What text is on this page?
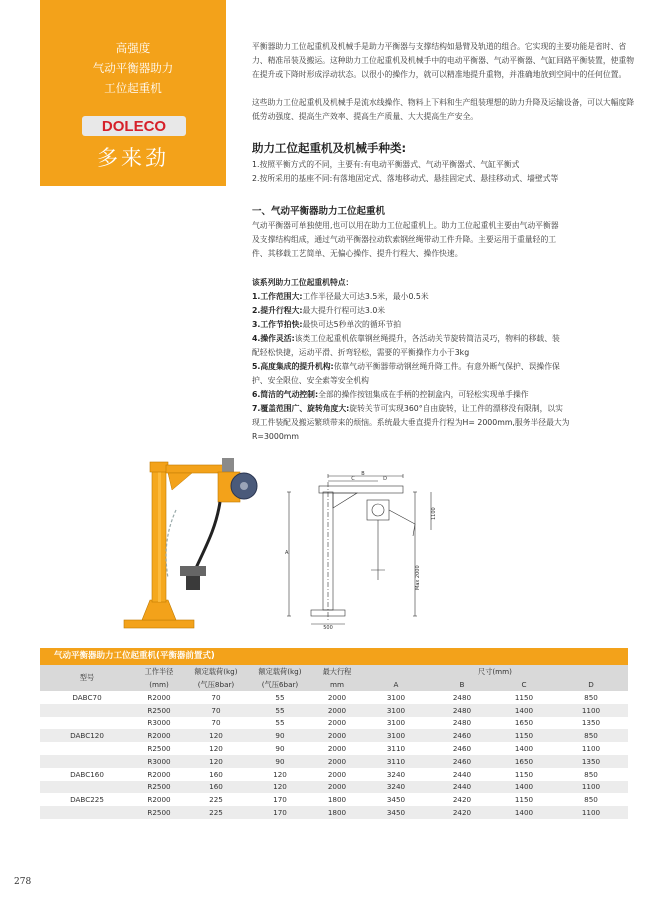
高强度
气动平衡器助力
工位起重机
DOLECO
多来劲

平衡器助力工位起重机及机械手是助力平衡器与支撑结构如悬臂及轨道的组合。它实现的主要功能是省时、省力、精准吊装及搬运。这种助力工位起重机及机械手中的电动平衡器、气动平衡器、气缸回路平衡装置，使重物在提升或下降时形成浮动状态。以很小的操作力，就可以精准地提升重物，并准确地放到空间中的任何位置。

这些助力工位起重机及机械手是流水线操作、物料上下料和生产组装理想的助力升降及运输设备，可以大幅度降低劳动强度、提高生产效率、提高生产质量、大大提高生产安全。

助力工位起重机及机械手种类:

1.按照平衡方式的不同，主要有:有电动平衡器式、气动平衡器式、气缸平衡式

2.按所采用的基座不同:有落地固定式、落地移动式、悬挂固定式、悬挂移动式、墙壁式等

一、气动平衡器助力工位起重机

气动平衡器可单独使用,也可以用在助力工位起重机上。助力工位起重机主要由气动平衡器

及支撑结构组成，通过气动平衡器拉动软索钢丝绳带动工件升降。主要运用于重量轻的工

件、其移载工艺简单、无偏心操作、提升行程大、操作快速。

该系列助力工位起重机特点：

1.工作范围大:工作半径最大可达3.5米，最小0.5米

2.提升行程大:最大提升行程可达3.0米

3.工作节拍快:最快可达5秒单次的循环节拍

4.操作灵活:该类工位起重机依靠钢丝绳提升，各活动关节旋转简洁灵巧，物料的移载、装

配轻松快捷，运动平滑、折弯轻松，需要的平衡操作力小于3kg

5.高度集成的提升机构:依靠气动平衡器带动钢丝绳升降工件。有意外断气保护、误操作保

护、安全限位、安全索等安全机构

6.简洁的气动控制:全部的操作按钮集成在手柄的控制盒内，可轻松实现单手操作

7.覆盖范围广、旋转角度大:旋转关节可实现360°自由旋转，让工件的漂移没有限制，以实

现工件装配及搬运繁琐带来的烦恼。系统最大垂直提升行程为H= 2000mm,服务半径最大为

R=3000mm

B
C	D
A
Max 2000
1100
500
气动平衡器助力工位起重机(平衡器前置式)
型号	工作半径	额定载荷(kg)	额定载荷(kg)	最大行程	尺寸(mm)			
	(mm)	(气压8bar)	(气压6bar)	mm	A	B	C	D
DABC70	R2000	70	55	2000	3100	2480	1150	850
	R2500	70	55	2000	3100	2480	1400	1100
	R3000	70	55	2000	3100	2480	1650	1350
DABC120	R2000	120	90	2000	3100	2460	1150	850
	R2500	120	90	2000	3110	2460	1400	1100
	R3000	120	90	2000	3110	2460	1650	1350
DABC160	R2000	160	120	2000	3240	2440	1150	850
	R2500	160	120	2000	3240	2440	1400	1100
DABC225	R2000	225	170	1800	3450	2420	1150	850
	R2500	225	170	1800	3450	2420	1400	1100
278
